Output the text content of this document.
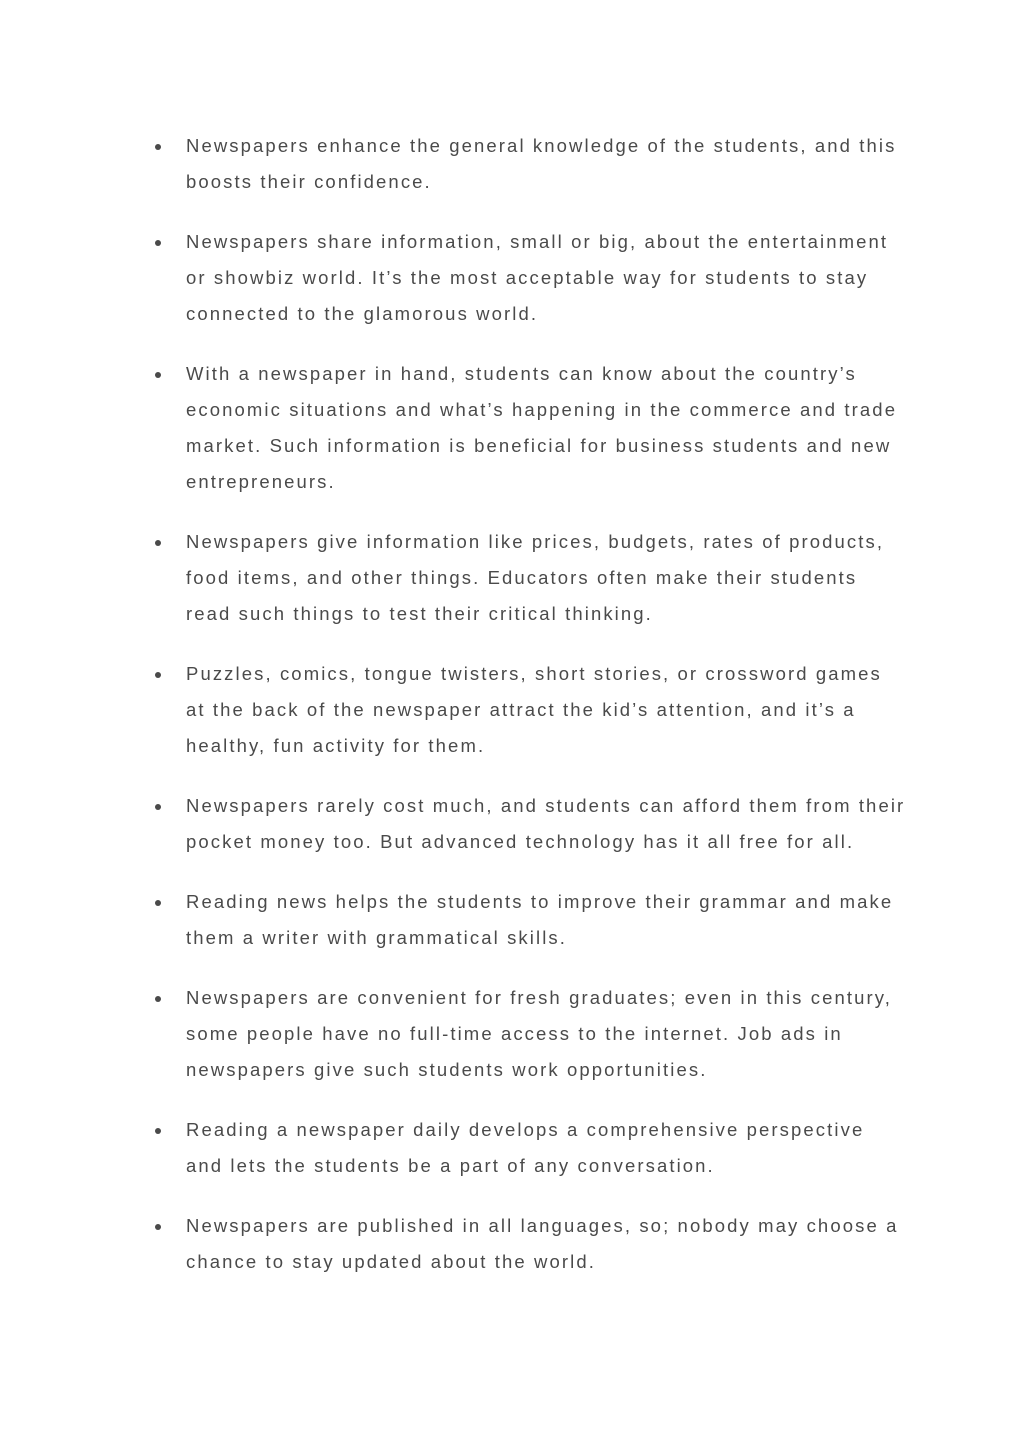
Newspapers enhance the general knowledge of the students, and this boosts their confidence.
Newspapers share information, small or big, about the entertainment or showbiz world. It’s the most acceptable way for students to stay connected to the glamorous world.
With a newspaper in hand, students can know about the country’s economic situations and what’s happening in the commerce and trade market. Such information is beneficial for business students and new entrepreneurs.
Newspapers give information like prices, budgets, rates of products, food items, and other things. Educators often make their students read such things to test their critical thinking.
Puzzles, comics, tongue twisters, short stories, or crossword games at the back of the newspaper attract the kid’s attention, and it’s a healthy, fun activity for them.
Newspapers rarely cost much, and students can afford them from their pocket money too. But advanced technology has it all free for all.
Reading news helps the students to improve their grammar and make them a writer with grammatical skills.
Newspapers are convenient for fresh graduates; even in this century, some people have no full-time access to the internet. Job ads in newspapers give such students work opportunities.
Reading a newspaper daily develops a comprehensive perspective and lets the students be a part of any conversation.
Newspapers are published in all languages, so; nobody may choose a chance to stay updated about the world.
